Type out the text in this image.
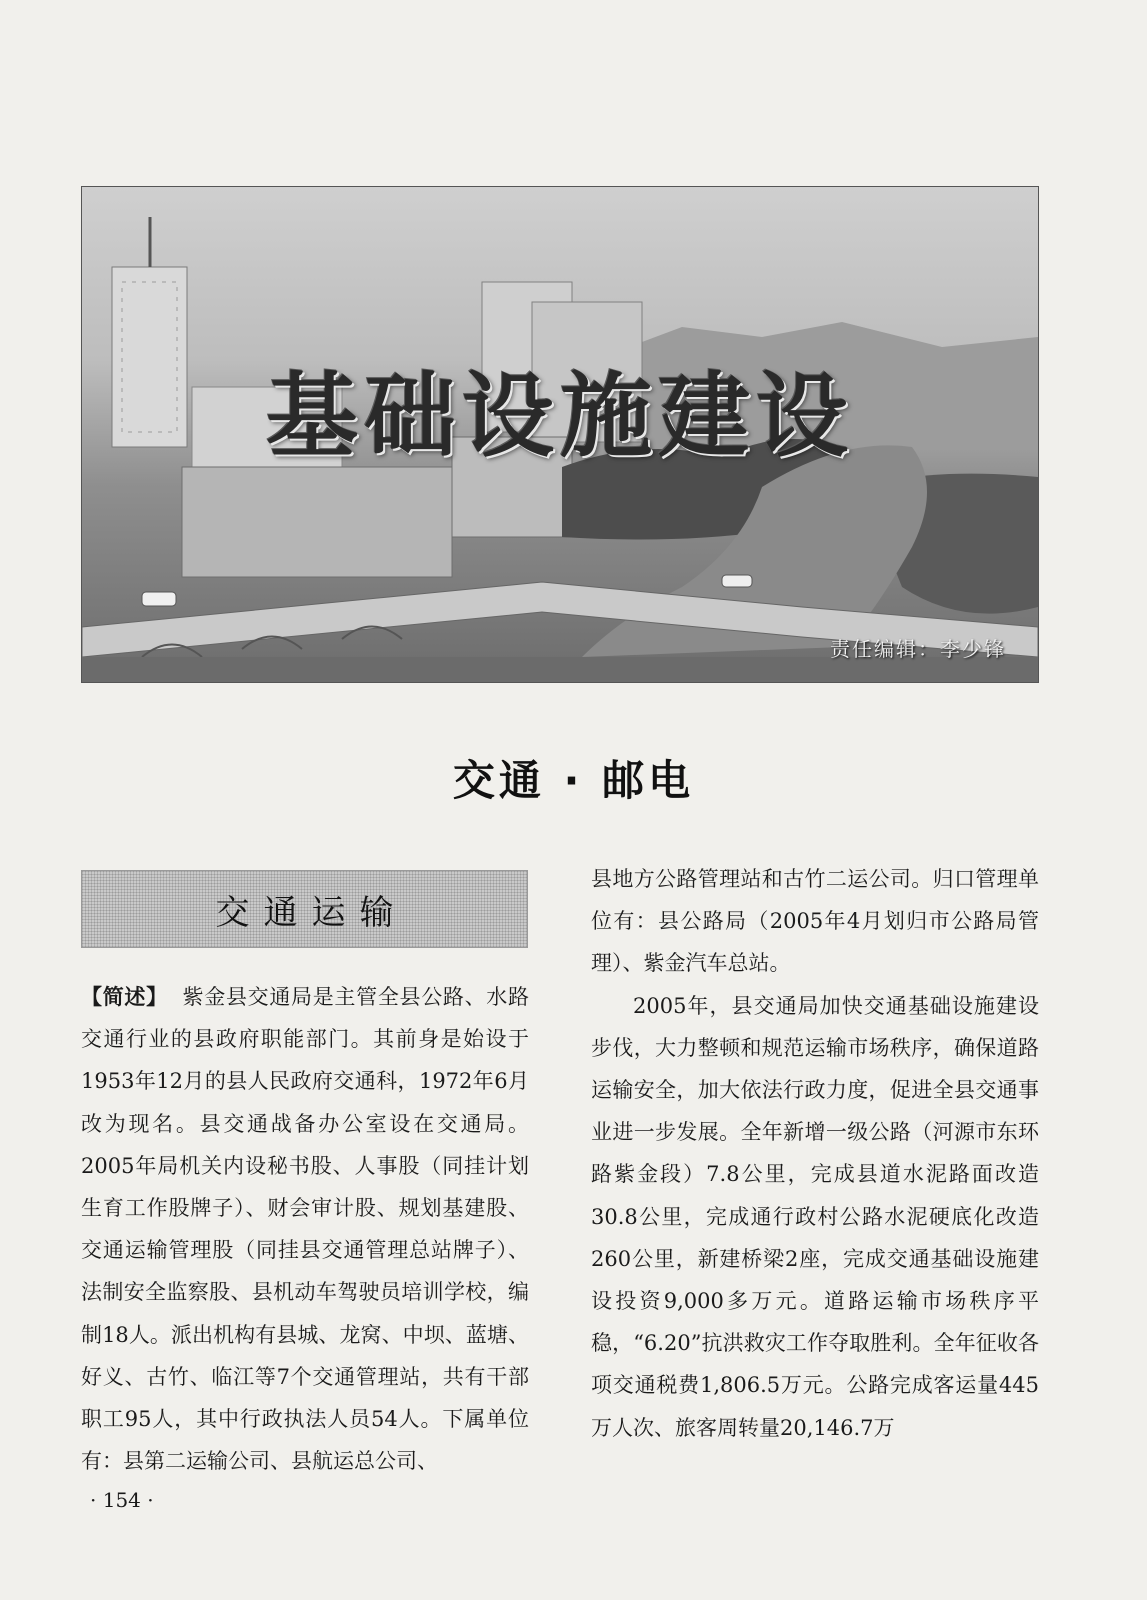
基础设施建设
责任编辑：李少锋
交通 · 邮电
交通运输

【简述】 紫金县交通局是主管全县公路、水路交通行业的县政府职能部门。其前身是始设于1953年12月的县人民政府交通科，1972年6月改为现名。县交通战备办公室设在交通局。2005年局机关内设秘书股、人事股（同挂计划生育工作股牌子）、财会审计股、规划基建股、交通运输管理股（同挂县交通管理总站牌子）、法制安全监察股、县机动车驾驶员培训学校，编制18人。派出机构有县城、龙窝、中坝、蓝塘、好义、古竹、临江等7个交通管理站，共有干部职工95人，其中行政执法人员54人。下属单位有：县第二运输公司、县航运总公司、

县地方公路管理站和古竹二运公司。归口管理单位有：县公路局（2005年4月划归市公路局管理）、紫金汽车总站。

2005年，县交通局加快交通基础设施建设步伐，大力整顿和规范运输市场秩序，确保道路运输安全，加大依法行政力度，促进全县交通事业进一步发展。全年新增一级公路（河源市东环路紫金段）7.8公里，完成县道水泥路面改造30.8公里，完成通行政村公路水泥硬底化改造260公里，新建桥梁2座，完成交通基础设施建设投资9,000多万元。道路运输市场秩序平稳，“6.20”抗洪救灾工作夺取胜利。全年征收各项交通税费1,806.5万元。公路完成客运量445万人次、旅客周转量20,146.7万

· 154 ·
